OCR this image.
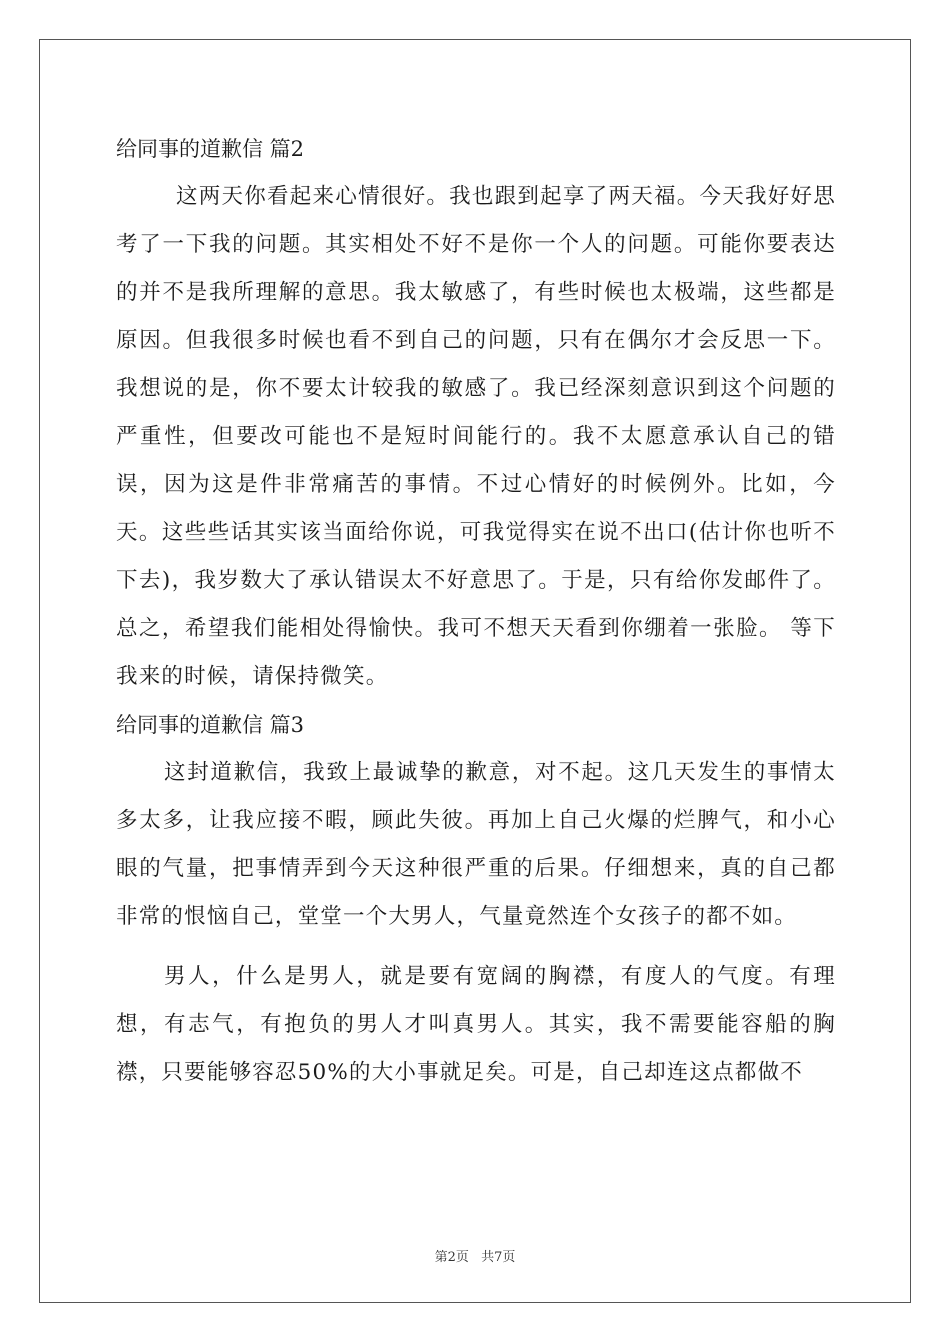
给同事的道歉信 篇2

这两天你看起来心情很好。我也跟到起享了两天福。今天我好好思考了一下我的问题。其实相处不好不是你一个人的问题。可能你要表达的并不是我所理解的意思。我太敏感了，有些时候也太极端，这些都是原因。但我很多时候也看不到自己的问题，只有在偶尔才会反思一下。我想说的是，你不要太计较我的敏感了。我已经深刻意识到这个问题的严重性，但要改可能也不是短时间能行的。我不太愿意承认自己的错误，因为这是件非常痛苦的事情。不过心情好的时候例外。比如，今天。这些些话其实该当面给你说，可我觉得实在说不出口(估计你也听不下去)，我岁数大了承认错误太不好意思了。于是，只有给你发邮件了。总之，希望我们能相处得愉快。我可不想天天看到你绷着一张脸。 等下我来的时候，请保持微笑。

给同事的道歉信 篇3

这封道歉信，我致上最诚挚的歉意，对不起。这几天发生的事情太多太多，让我应接不暇，顾此失彼。再加上自己火爆的烂脾气，和小心眼的气量，把事情弄到今天这种很严重的后果。仔细想来，真的自己都非常的恨恼自己，堂堂一个大男人，气量竟然连个女孩子的都不如。

男人，什么是男人，就是要有宽阔的胸襟，有度人的气度。有理想，有志气，有抱负的男人才叫真男人。其实，我不需要能容船的胸襟，只要能够容忍50%的大小事就足矣。可是，自己却连这点都做不

第2页 共7页
